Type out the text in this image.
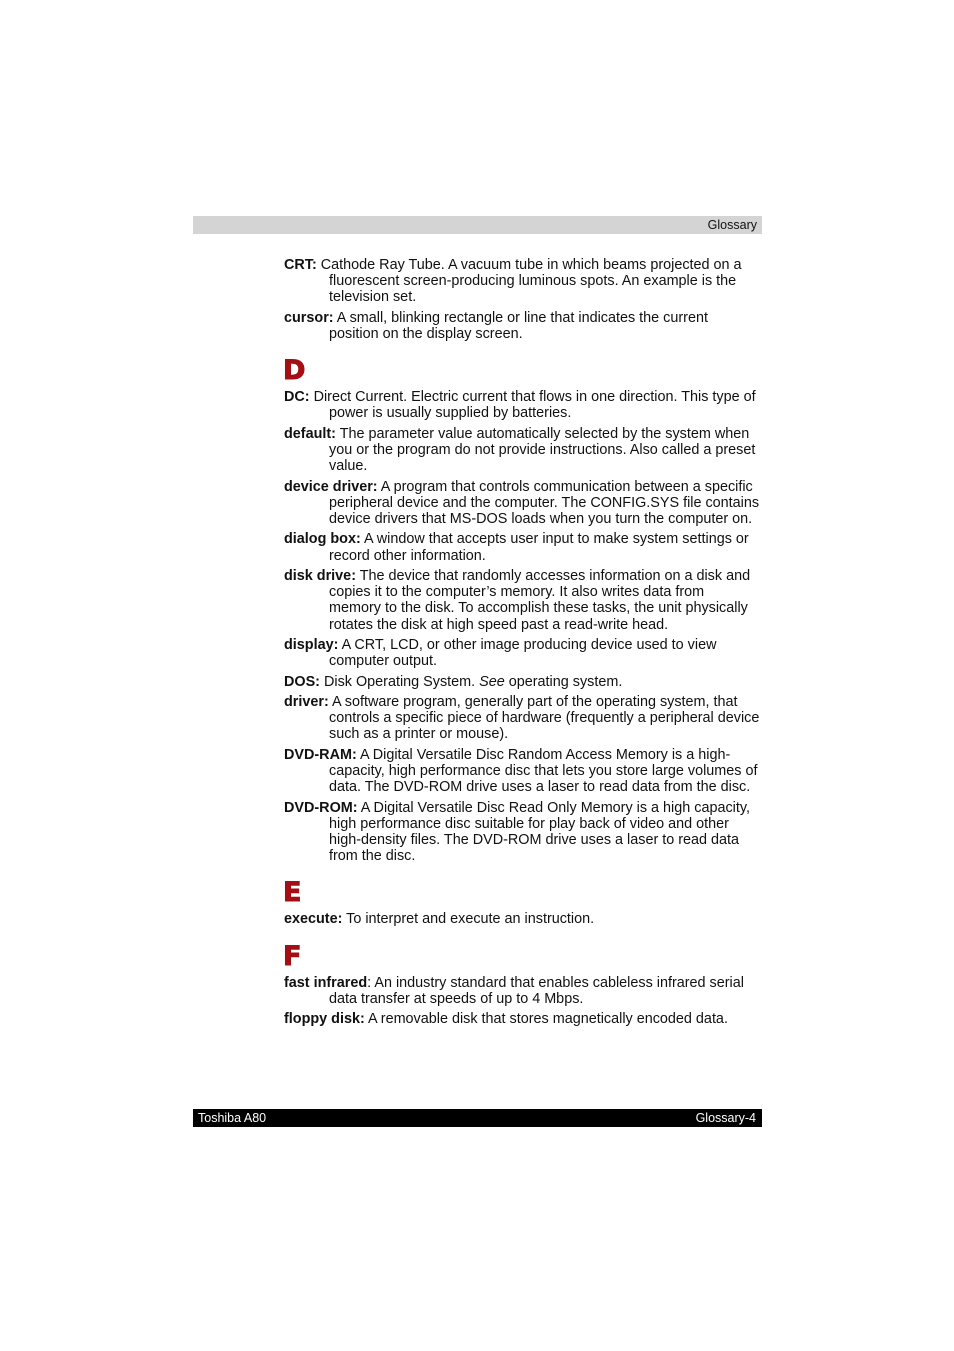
Glossary
CRT: Cathode Ray Tube. A vacuum tube in which beams projected on a fluorescent screen-producing luminous spots. An example is the television set.
cursor: A small, blinking rectangle or line that indicates the current position on the display screen.
D
DC: Direct Current. Electric current that flows in one direction. This type of power is usually supplied by batteries.
default: The parameter value automatically selected by the system when you or the program do not provide instructions. Also called a preset value.
device driver: A program that controls communication between a specific peripheral device and the computer. The CONFIG.SYS file contains device drivers that MS-DOS loads when you turn the computer on.
dialog box: A window that accepts user input to make system settings or record other information.
disk drive: The device that randomly accesses information on a disk and copies it to the computer’s memory. It also writes data from memory to the disk. To accomplish these tasks, the unit physically rotates the disk at high speed past a read-write head.
display: A CRT, LCD, or other image producing device used to view computer output.
DOS: Disk Operating System. See operating system.
driver: A software program, generally part of the operating system, that controls a specific piece of hardware (frequently a peripheral device such as a printer or mouse).
DVD-RAM: A Digital Versatile Disc Random Access Memory is a high-capacity, high performance disc that lets you store large volumes of data. The DVD-ROM drive uses a laser to read data from the disc.
DVD-ROM: A Digital Versatile Disc Read Only Memory is a high capacity, high performance disc suitable for play back of video and other high-density files. The DVD-ROM drive uses a laser to read data from the disc.
E
execute: To interpret and execute an instruction.
F
fast infrared: An industry standard that enables cableless infrared serial data transfer at speeds of up to 4 Mbps.
floppy disk: A removable disk that stores magnetically encoded data.
Toshiba A80	Glossary-4
